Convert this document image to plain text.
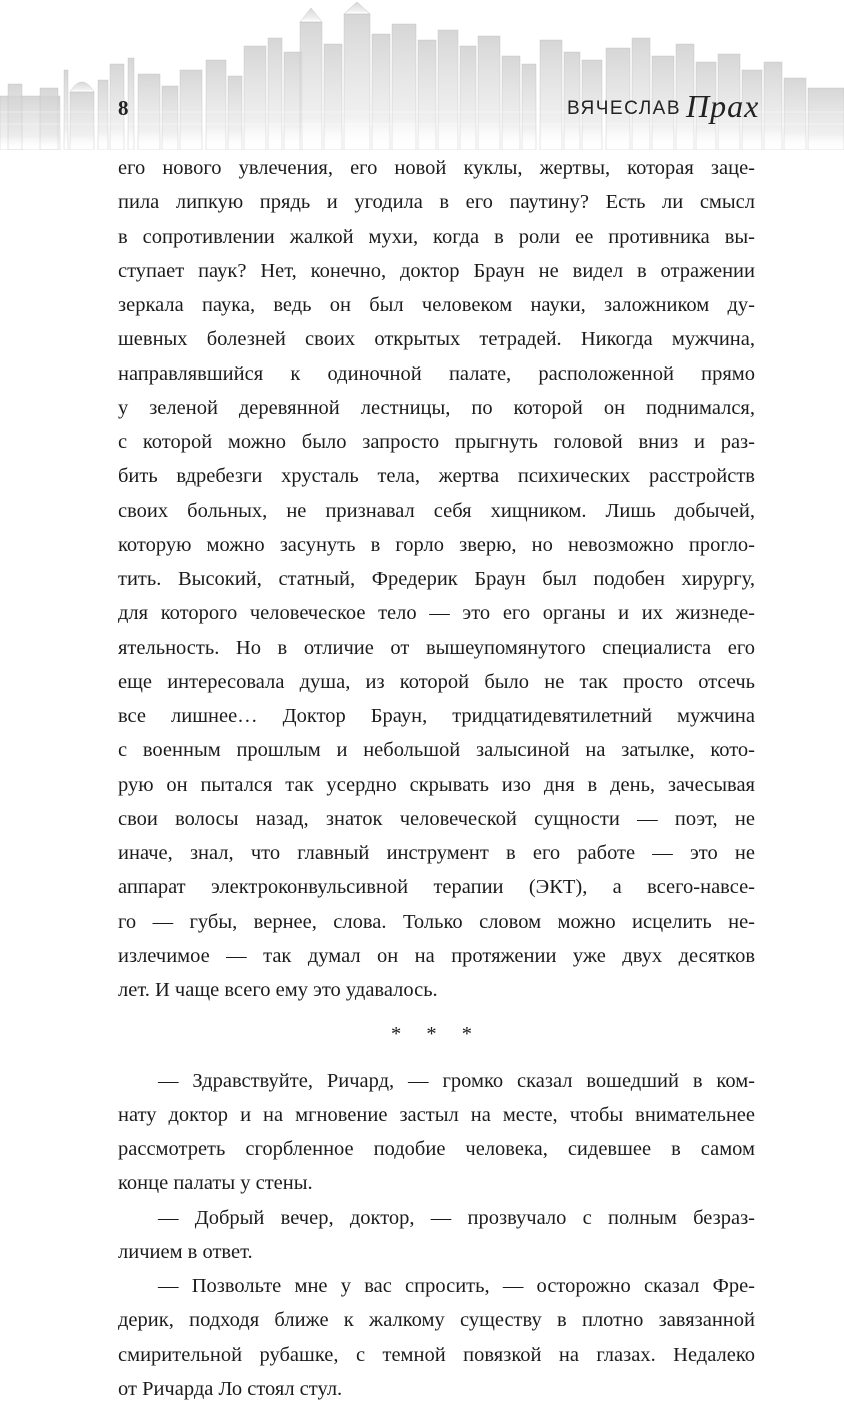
8	ВЯЧЕСЛАВ Прах
его нового увлечения, его новой куклы, жертвы, которая заце-
пила липкую прядь и угодила в его паутину? Есть ли смысл
в сопротивлении жалкой мухи, когда в роли ее противника вы-
ступает паук? Нет, конечно, доктор Браун не видел в отражении
зеркала паука, ведь он был человеком науки, заложником ду-
шевных болезней своих открытых тетрадей. Никогда мужчина,
направлявшийся к одиночной палате, расположенной прямо
у зеленой деревянной лестницы, по которой он поднимался,
с которой можно было запросто прыгнуть головой вниз и раз-
бить вдребезги хрусталь тела, жертва психических расстройств
своих больных, не признавал себя хищником. Лишь добычей,
которую можно засунуть в горло зверю, но невозможно прогло-
тить. Высокий, статный, Фредерик Браун был подобен хирургу,
для которого человеческое тело — это его органы и их жизнеде-
ятельность. Но в отличие от вышеупомянутого специалиста его
еще интересовала душа, из которой было не так просто отсечь
все лишнее… Доктор Браун, тридцатидевятилетний мужчина
с военным прошлым и небольшой залысиной на затылке, кото-
рую он пытался так усердно скрывать изо дня в день, зачесывая
свои волосы назад, знаток человеческой сущности — поэт, не
иначе, знал, что главный инструмент в его работе — это не
аппарат электроконвульсивной терапии (ЭКТ), а всего-навсе-
го — губы, вернее, слова. Только словом можно исцелить не-
излечимое — так думал он на протяжении уже двух десятков
лет. И чаще всего ему это удавалось.
* * *
— Здравствуйте, Ричард, — громко сказал вошедший в ком-
нату доктор и на мгновение застыл на месте, чтобы внимательнее
рассмотреть сгорбленное подобие человека, сидевшее в самом
конце палаты у стены.
— Добрый вечер, доктор, — прозвучало с полным безраз-
личием в ответ.
— Позвольте мне у вас спросить, — осторожно сказал Фре-
дерик, подходя ближе к жалкому существу в плотно завязанной
смирительной рубашке, с темной повязкой на глазах. Недалеко
от Ричарда Ло стоял стул.
